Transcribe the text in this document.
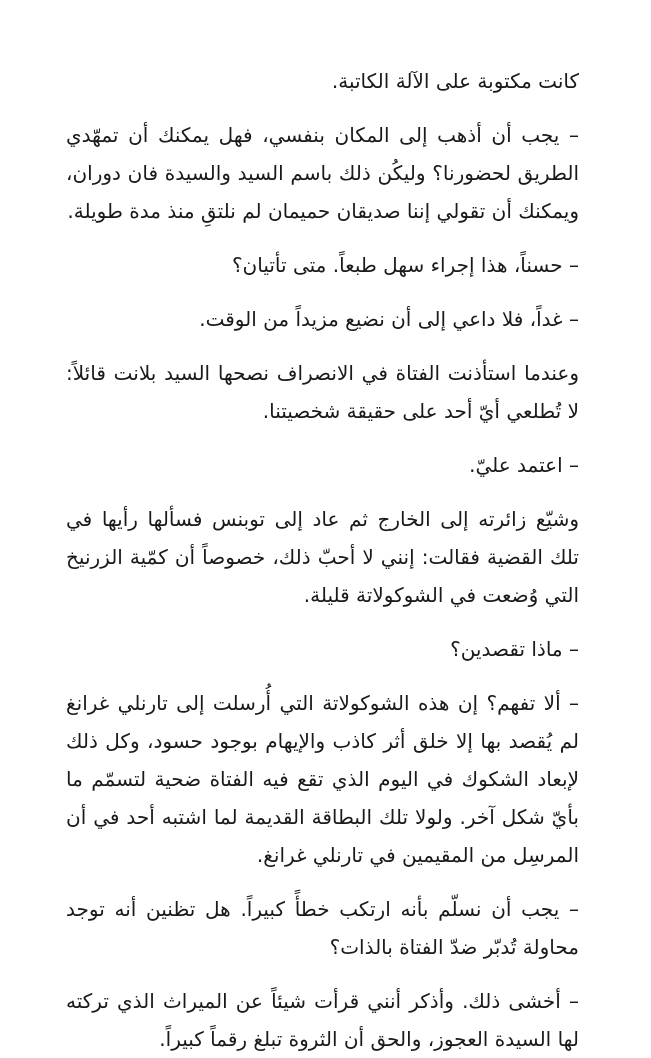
كانت مكتوبة على الآلة الكاتبة.

– يجب أن أذهب إلى المكان بنفسي، فهل يمكنك أن تمهّدي الطريق لحضورنا؟ وليكُن ذلك باسم السيد والسيدة فان دوران، ويمكنك أن تقولي إننا صديقان حميمان لم نلتقِ منذ مدة طويلة.

– حسناً، هذا إجراء سهل طبعاً. متى تأتيان؟

– غداً، فلا داعي إلى أن نضيع مزيداً من الوقت.

وعندما استأذنت الفتاة في الانصراف نصحها السيد بلانت قائلاً: لا تُطلعي أيّ أحد على حقيقة شخصيتنا.

– اعتمد عليّ.

وشيّع زائرته إلى الخارج ثم عاد إلى توبنس فسألها رأيها في تلك القضية فقالت: إنني لا أحبّ ذلك، خصوصاً أن كمّية الزرنيخ التي وُضعت في الشوكولاتة قليلة.

– ماذا تقصدين؟

– ألا تفهم؟ إن هذه الشوكولاتة التي أُرسلت إلى تارنلي غرانغ لم يُقصد بها إلا خلق أثر كاذب والإيهام بوجود حسود، وكل ذلك لإبعاد الشكوك في اليوم الذي تقع فيه الفتاة ضحية لتسمّم ما بأيّ شكل آخر. ولولا تلك البطاقة القديمة لما اشتبه أحد في أن المرسِل من المقيمين في تارنلي غرانغ.

– يجب أن نسلّم بأنه ارتكب خطأً كبيراً. هل تظنين أنه توجد محاولة تُدبّر ضدّ الفتاة بالذات؟

– أخشى ذلك. وأذكر أنني قرأت شيئاً عن الميراث الذي تركته لها السيدة العجوز، والحق أن الثروة تبلغ رقماً كبيراً.
